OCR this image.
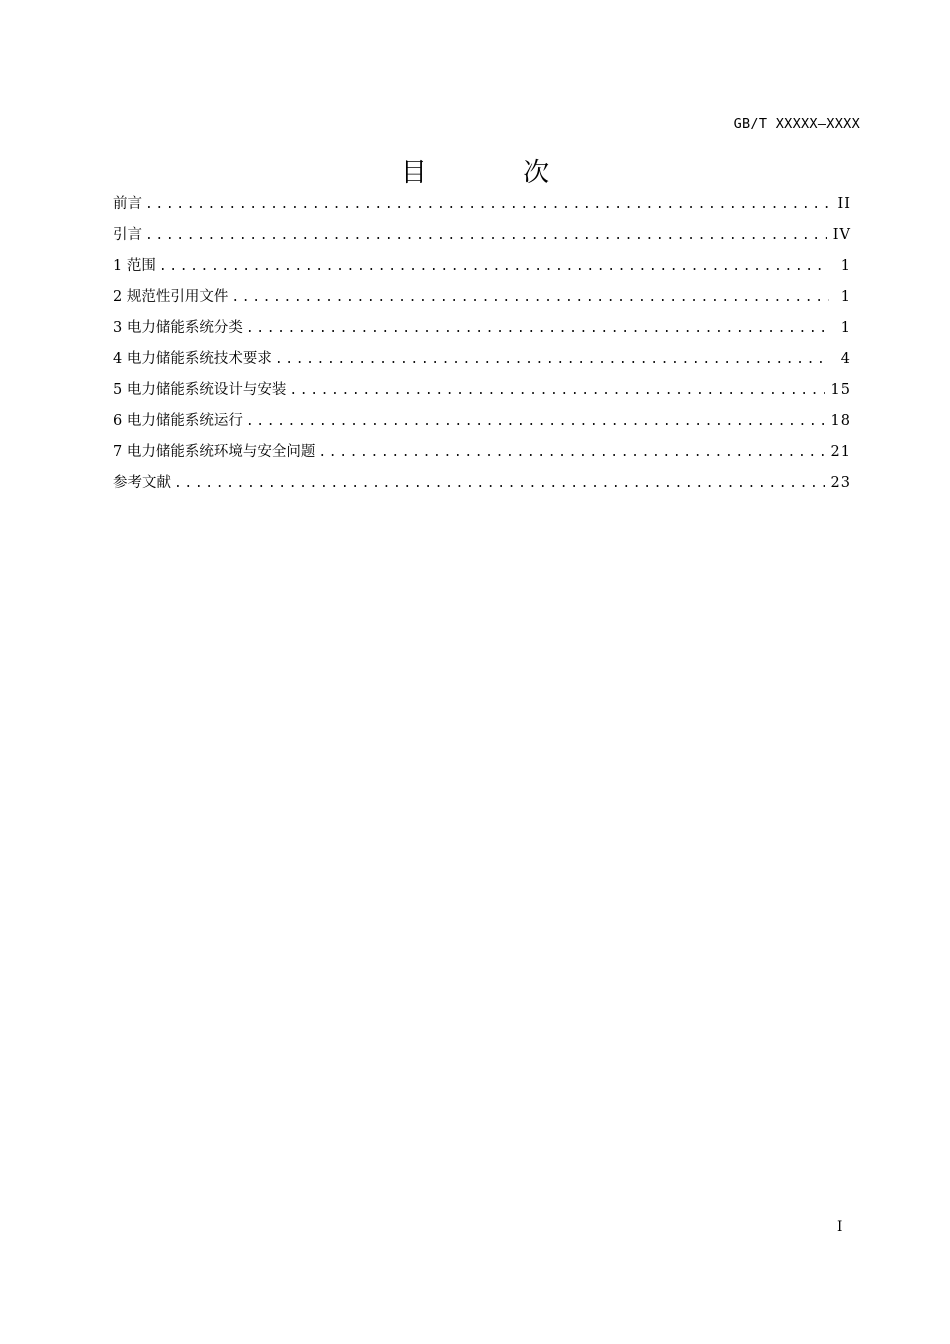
GB/T XXXXX—XXXX
目 次
前言 .....	II
引言 .....	IV
1 范围 .....	1
2 规范性引用文件 .....	1
3 电力储能系统分类 .....	1
4 电力储能系统技术要求 .....	4
5 电力储能系统设计与安装 .....	15
6 电力储能系统运行 .....	18
7 电力储能系统环境与安全问题 .....	21
参考文献 .....	23
I
